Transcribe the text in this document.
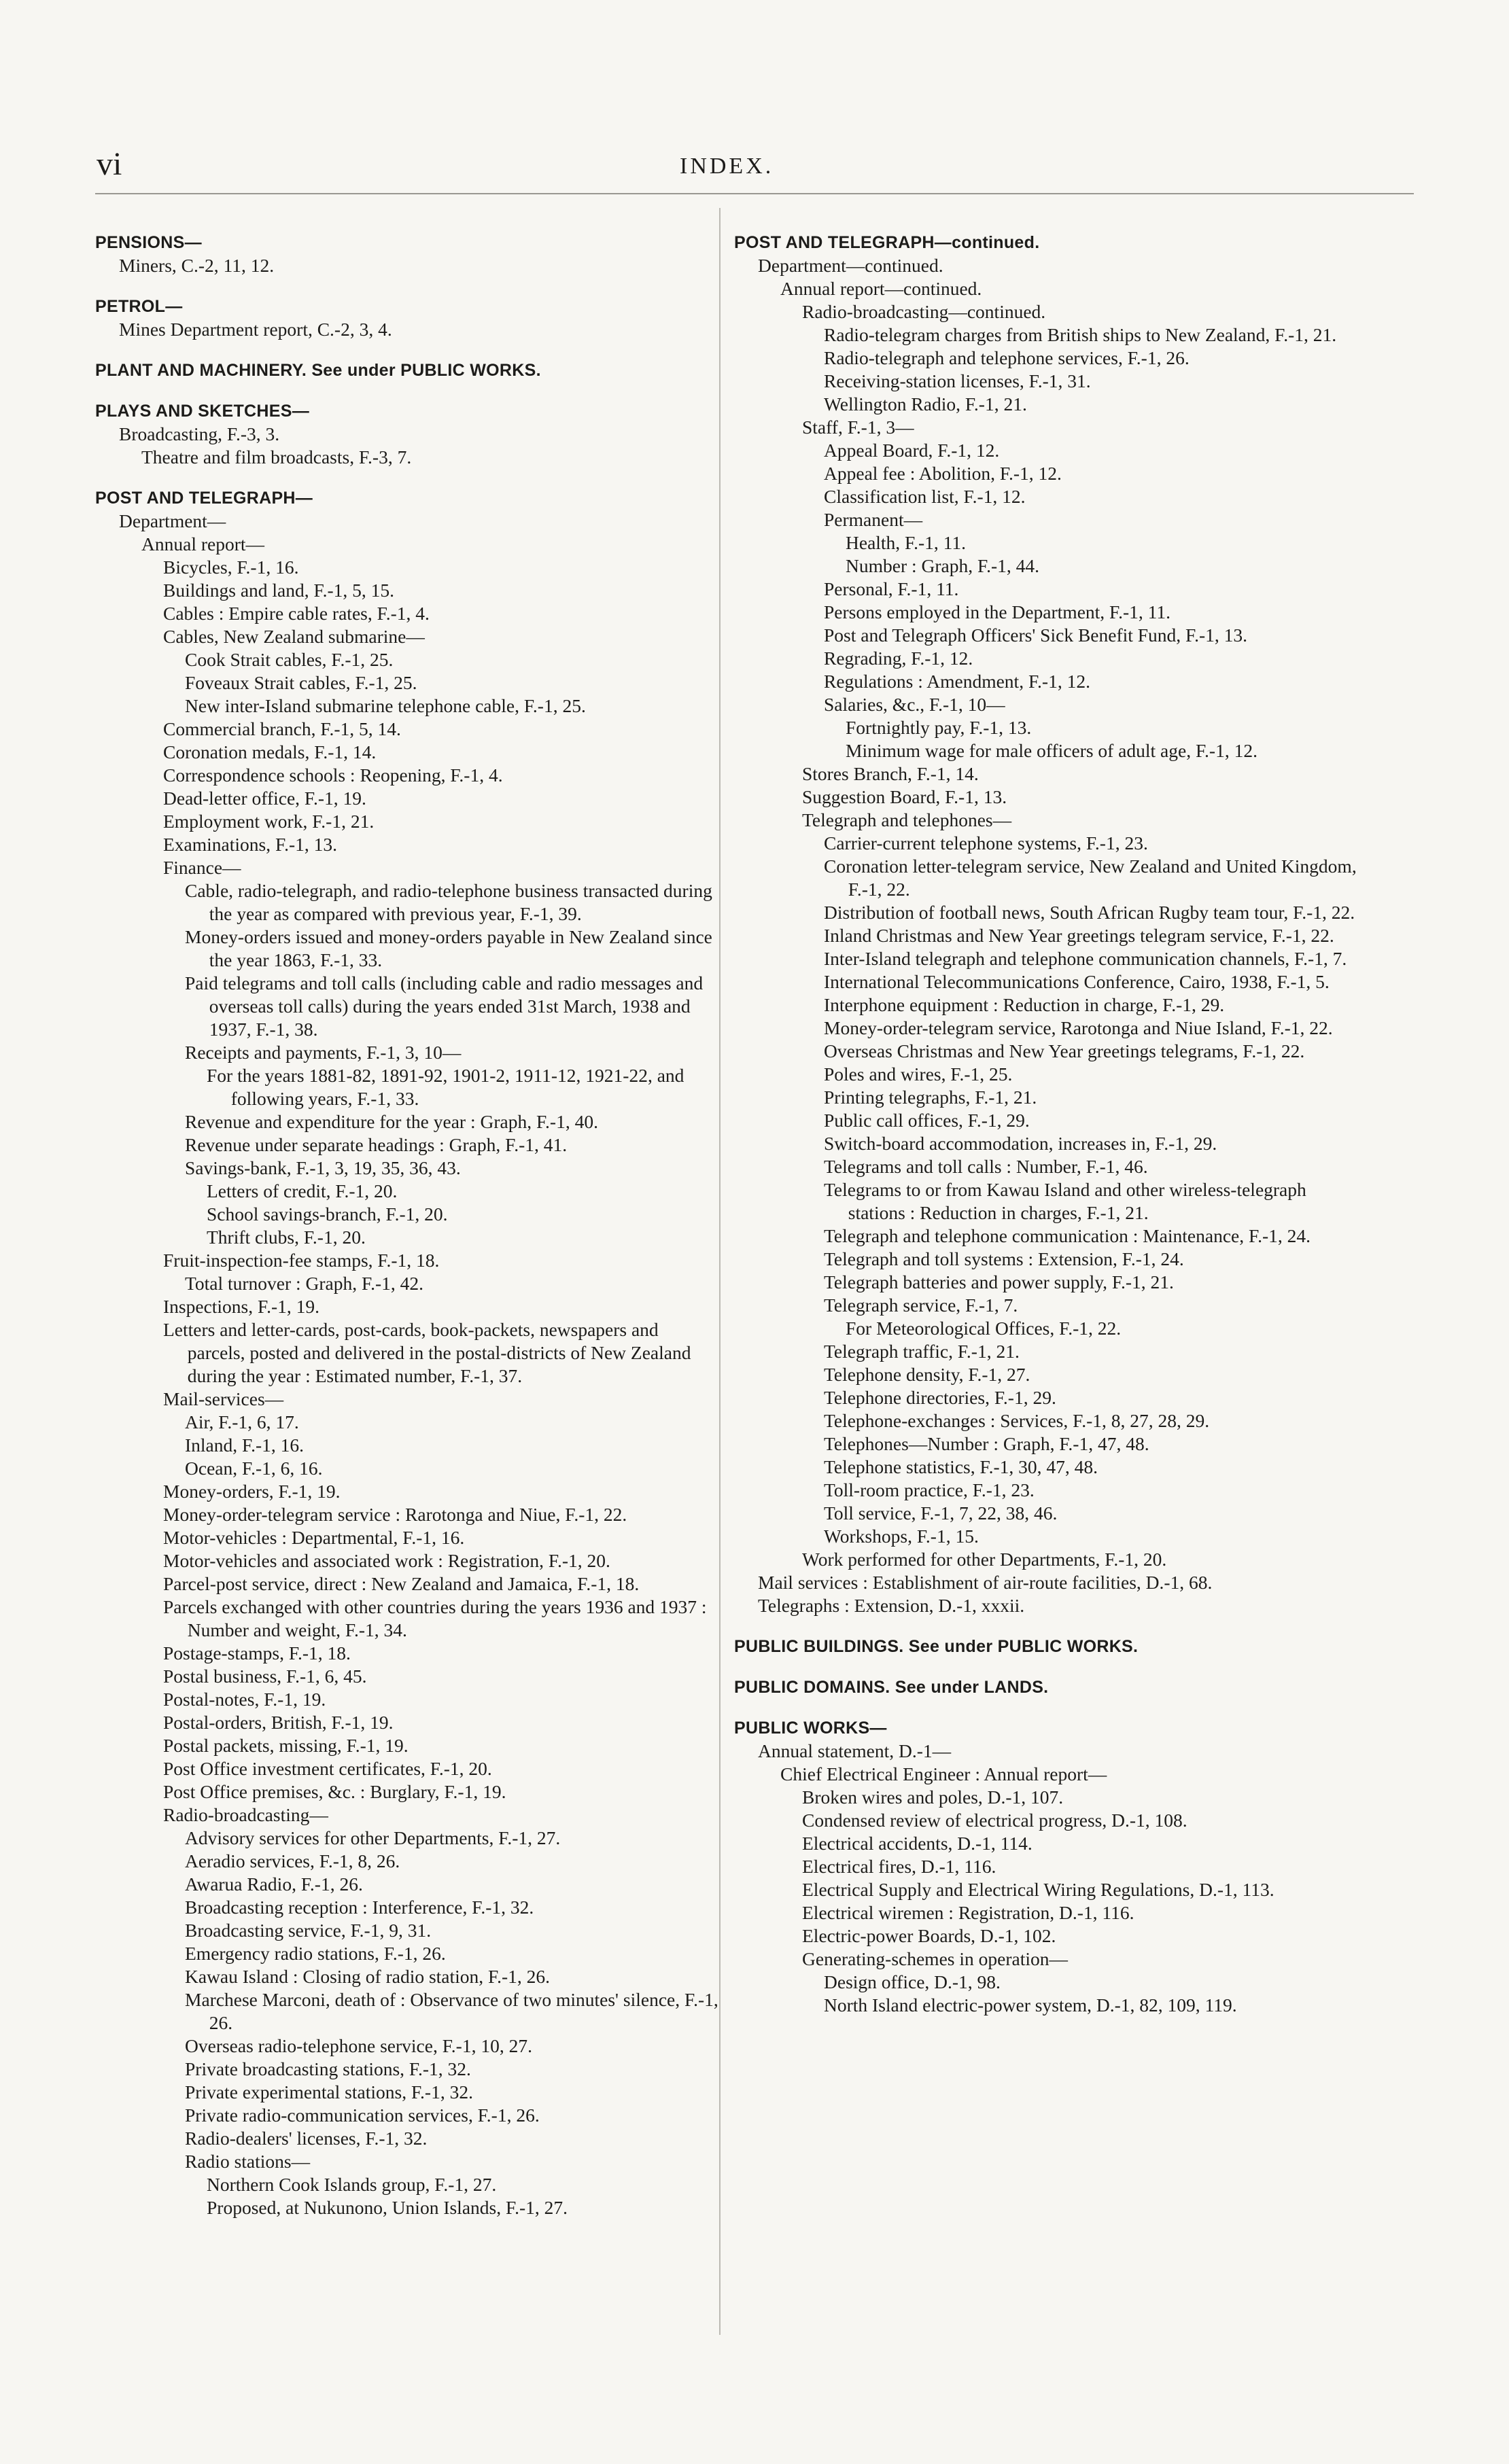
vi	INDEX.
PENSIONS—
Miners, C.-2, 11, 12.
PETROL—
Mines Department report, C.-2, 3, 4.
PLANT AND MACHINERY. See under PUBLIC WORKS.
PLAYS AND SKETCHES—
Broadcasting, F.-3, 3.
Theatre and film broadcasts, F.-3, 7.
POST AND TELEGRAPH—
Department—
Annual report—
Bicycles, F.-1, 16.
Buildings and land, F.-1, 5, 15.
Cables : Empire cable rates, F.-1, 4.
Cables, New Zealand submarine—
Cook Strait cables, F.-1, 25.
Foveaux Strait cables, F.-1, 25.
New inter-Island submarine telephone cable, F.-1, 25.
Commercial branch, F.-1, 5, 14.
Coronation medals, F.-1, 14.
Correspondence schools : Reopening, F.-1, 4.
Dead-letter office, F.-1, 19.
Employment work, F.-1, 21.
Examinations, F.-1, 13.
Finance—
Cable, radio-telegraph, and radio-telephone business transacted during the year as compared with previous year, F.-1, 39.
Money-orders issued and money-orders payable in New Zealand since the year 1863, F.-1, 33.
Paid telegrams and toll calls (including cable and radio messages and overseas toll calls) during the years ended 31st March, 1938 and 1937, F.-1, 38.
Receipts and payments, F.-1, 3, 10—
For the years 1881-82, 1891-92, 1901-2, 1911-12, 1921-22, and following years, F.-1, 33.
Revenue and expenditure for the year : Graph, F.-1, 40.
Revenue under separate headings : Graph, F.-1, 41.
Savings-bank, F.-1, 3, 19, 35, 36, 43.
Letters of credit, F.-1, 20.
School savings-branch, F.-1, 20.
Thrift clubs, F.-1, 20.
Fruit-inspection-fee stamps, F.-1, 18.
Total turnover : Graph, F.-1, 42.
Inspections, F.-1, 19.
Letters and letter-cards, post-cards, book-packets, newspapers and parcels, posted and delivered in the postal-districts of New Zealand during the year : Estimated number, F.-1, 37.
Mail-services—
Air, F.-1, 6, 17.
Inland, F.-1, 16.
Ocean, F.-1, 6, 16.
Money-orders, F.-1, 19.
Money-order-telegram service : Rarotonga and Niue, F.-1, 22.
Motor-vehicles : Departmental, F.-1, 16.
Motor-vehicles and associated work : Registration, F.-1, 20.
Parcel-post service, direct : New Zealand and Jamaica, F.-1, 18.
Parcels exchanged with other countries during the years 1936 and 1937 : Number and weight, F.-1, 34.
Postage-stamps, F.-1, 18.
Postal business, F.-1, 6, 45.
Postal-notes, F.-1, 19.
Postal-orders, British, F.-1, 19.
Postal packets, missing, F.-1, 19.
Post Office investment certificates, F.-1, 20.
Post Office premises, &c. : Burglary, F.-1, 19.
Radio-broadcasting—
Advisory services for other Departments, F.-1, 27.
Aeradio services, F.-1, 8, 26.
Awarua Radio, F.-1, 26.
Broadcasting reception : Interference, F.-1, 32.
Broadcasting service, F.-1, 9, 31.
Emergency radio stations, F.-1, 26.
Kawau Island : Closing of radio station, F.-1, 26.
Marchese Marconi, death of : Observance of two minutes' silence, F.-1, 26.
Overseas radio-telephone service, F.-1, 10, 27.
Private broadcasting stations, F.-1, 32.
Private experimental stations, F.-1, 32.
Private radio-communication services, F.-1, 26.
Radio-dealers' licenses, F.-1, 32.
Radio stations—
Northern Cook Islands group, F.-1, 27.
Proposed, at Nukunono, Union Islands, F.-1, 27.
POST AND TELEGRAPH—continued.
Department—continued.
Annual report—continued.
Radio-broadcasting—continued.
Radio-telegram charges from British ships to New Zealand, F.-1, 21.
Radio-telegraph and telephone services, F.-1, 26.
Receiving-station licenses, F.-1, 31.
Wellington Radio, F.-1, 21.
Staff, F.-1, 3—
Appeal Board, F.-1, 12.
Appeal fee : Abolition, F.-1, 12.
Classification list, F.-1, 12.
Permanent—
Health, F.-1, 11.
Number : Graph, F.-1, 44.
Personal, F.-1, 11.
Persons employed in the Department, F.-1, 11.
Post and Telegraph Officers' Sick Benefit Fund, F.-1, 13.
Regrading, F.-1, 12.
Regulations : Amendment, F.-1, 12.
Salaries, &c., F.-1, 10—
Fortnightly pay, F.-1, 13.
Minimum wage for male officers of adult age, F.-1, 12.
Stores Branch, F.-1, 14.
Suggestion Board, F.-1, 13.
Telegraph and telephones—
Carrier-current telephone systems, F.-1, 23.
Coronation letter-telegram service, New Zealand and United Kingdom, F.-1, 22.
Distribution of football news, South African Rugby team tour, F.-1, 22.
Inland Christmas and New Year greetings telegram service, F.-1, 22.
Inter-Island telegraph and telephone communication channels, F.-1, 7.
International Telecommunications Conference, Cairo, 1938, F.-1, 5.
Interphone equipment : Reduction in charge, F.-1, 29.
Money-order-telegram service, Rarotonga and Niue Island, F.-1, 22.
Overseas Christmas and New Year greetings telegrams, F.-1, 22.
Poles and wires, F.-1, 25.
Printing telegraphs, F.-1, 21.
Public call offices, F.-1, 29.
Switch-board accommodation, increases in, F.-1, 29.
Telegrams and toll calls : Number, F.-1, 46.
Telegrams to or from Kawau Island and other wireless-telegraph stations : Reduction in charges, F.-1, 21.
Telegraph and telephone communication : Maintenance, F.-1, 24.
Telegraph and toll systems : Extension, F.-1, 24.
Telegraph batteries and power supply, F.-1, 21.
Telegraph service, F.-1, 7.
For Meteorological Offices, F.-1, 22.
Telegraph traffic, F.-1, 21.
Telephone density, F.-1, 27.
Telephone directories, F.-1, 29.
Telephone-exchanges : Services, F.-1, 8, 27, 28, 29.
Telephones—Number : Graph, F.-1, 47, 48.
Telephone statistics, F.-1, 30, 47, 48.
Toll-room practice, F.-1, 23.
Toll service, F.-1, 7, 22, 38, 46.
Workshops, F.-1, 15.
Work performed for other Departments, F.-1, 20.
Mail services : Establishment of air-route facilities, D.-1, 68.
Telegraphs : Extension, D.-1, xxxii.
PUBLIC BUILDINGS. See under PUBLIC WORKS.
PUBLIC DOMAINS. See under LANDS.
PUBLIC WORKS—
Annual statement, D.-1—
Chief Electrical Engineer : Annual report—
Broken wires and poles, D.-1, 107.
Condensed review of electrical progress, D.-1, 108.
Electrical accidents, D.-1, 114.
Electrical fires, D.-1, 116.
Electrical Supply and Electrical Wiring Regulations, D.-1, 113.
Electrical wiremen : Registration, D.-1, 116.
Electric-power Boards, D.-1, 102.
Generating-schemes in operation—
Design office, D.-1, 98.
North Island electric-power system, D.-1, 82, 109, 119.
